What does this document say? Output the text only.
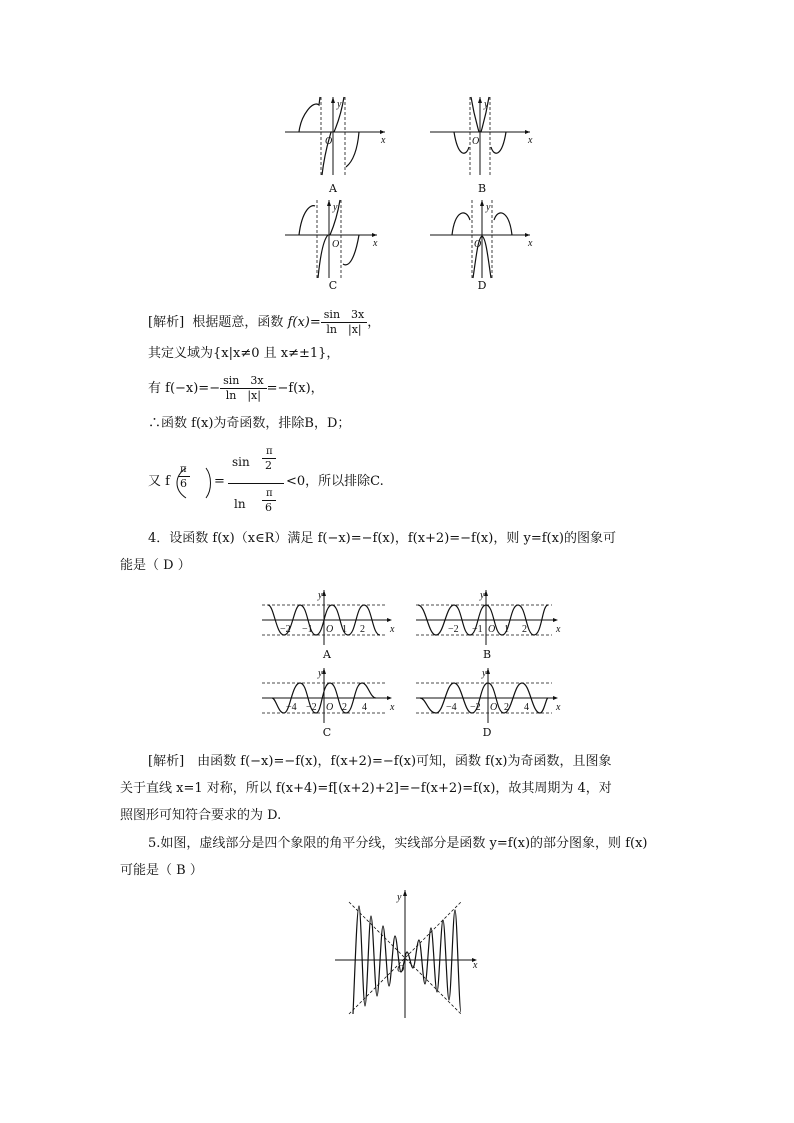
y
x
O
A
y
x
O
B
y
x
O
C
y
x
O
D
[解析] 根据题意，函数 $f(x)= \frac{\sin 3x}{\ln |x|}$ ，
其定义域为{x|x≠0 且 x≠±1}，
有 $f(-x)=- \frac{\sin 3x}{\ln |x|} =-f(x)$，
∴函数 f(x)为奇函数，排除B，D；
又 f
π
6 =
sin
π
2
ln
π
6
<0，所以排除C.
4．设函数 f(x)（x∈R）满足 f(−x)=−f(x)，f(x+2)=−f(x)，则 y=f(x)的图象可
能是（ D ）
y
x
−2 −1 O 1 2
A
y
x
−2 −1 O 1 2
B
y
x
−4 −2 O 2 4
C
y
x
−4 −2 O 2 4
D
[解析]　由函数 f(−x)=−f(x)，f(x+2)=−f(x)可知，函数 f(x)为奇函数，且图象
关于直线 x=1 对称，所以 f(x+4)=f[(x+2)+2]=−f(x+2)=f(x)，故其周期为 4，对
照图形可知符合要求的为 D.
5.如图，虚线部分是四个象限的角平分线，实线部分是函数 y=f(x)的部分图象，则 f(x)
可能是（ B ）
y
x
O
